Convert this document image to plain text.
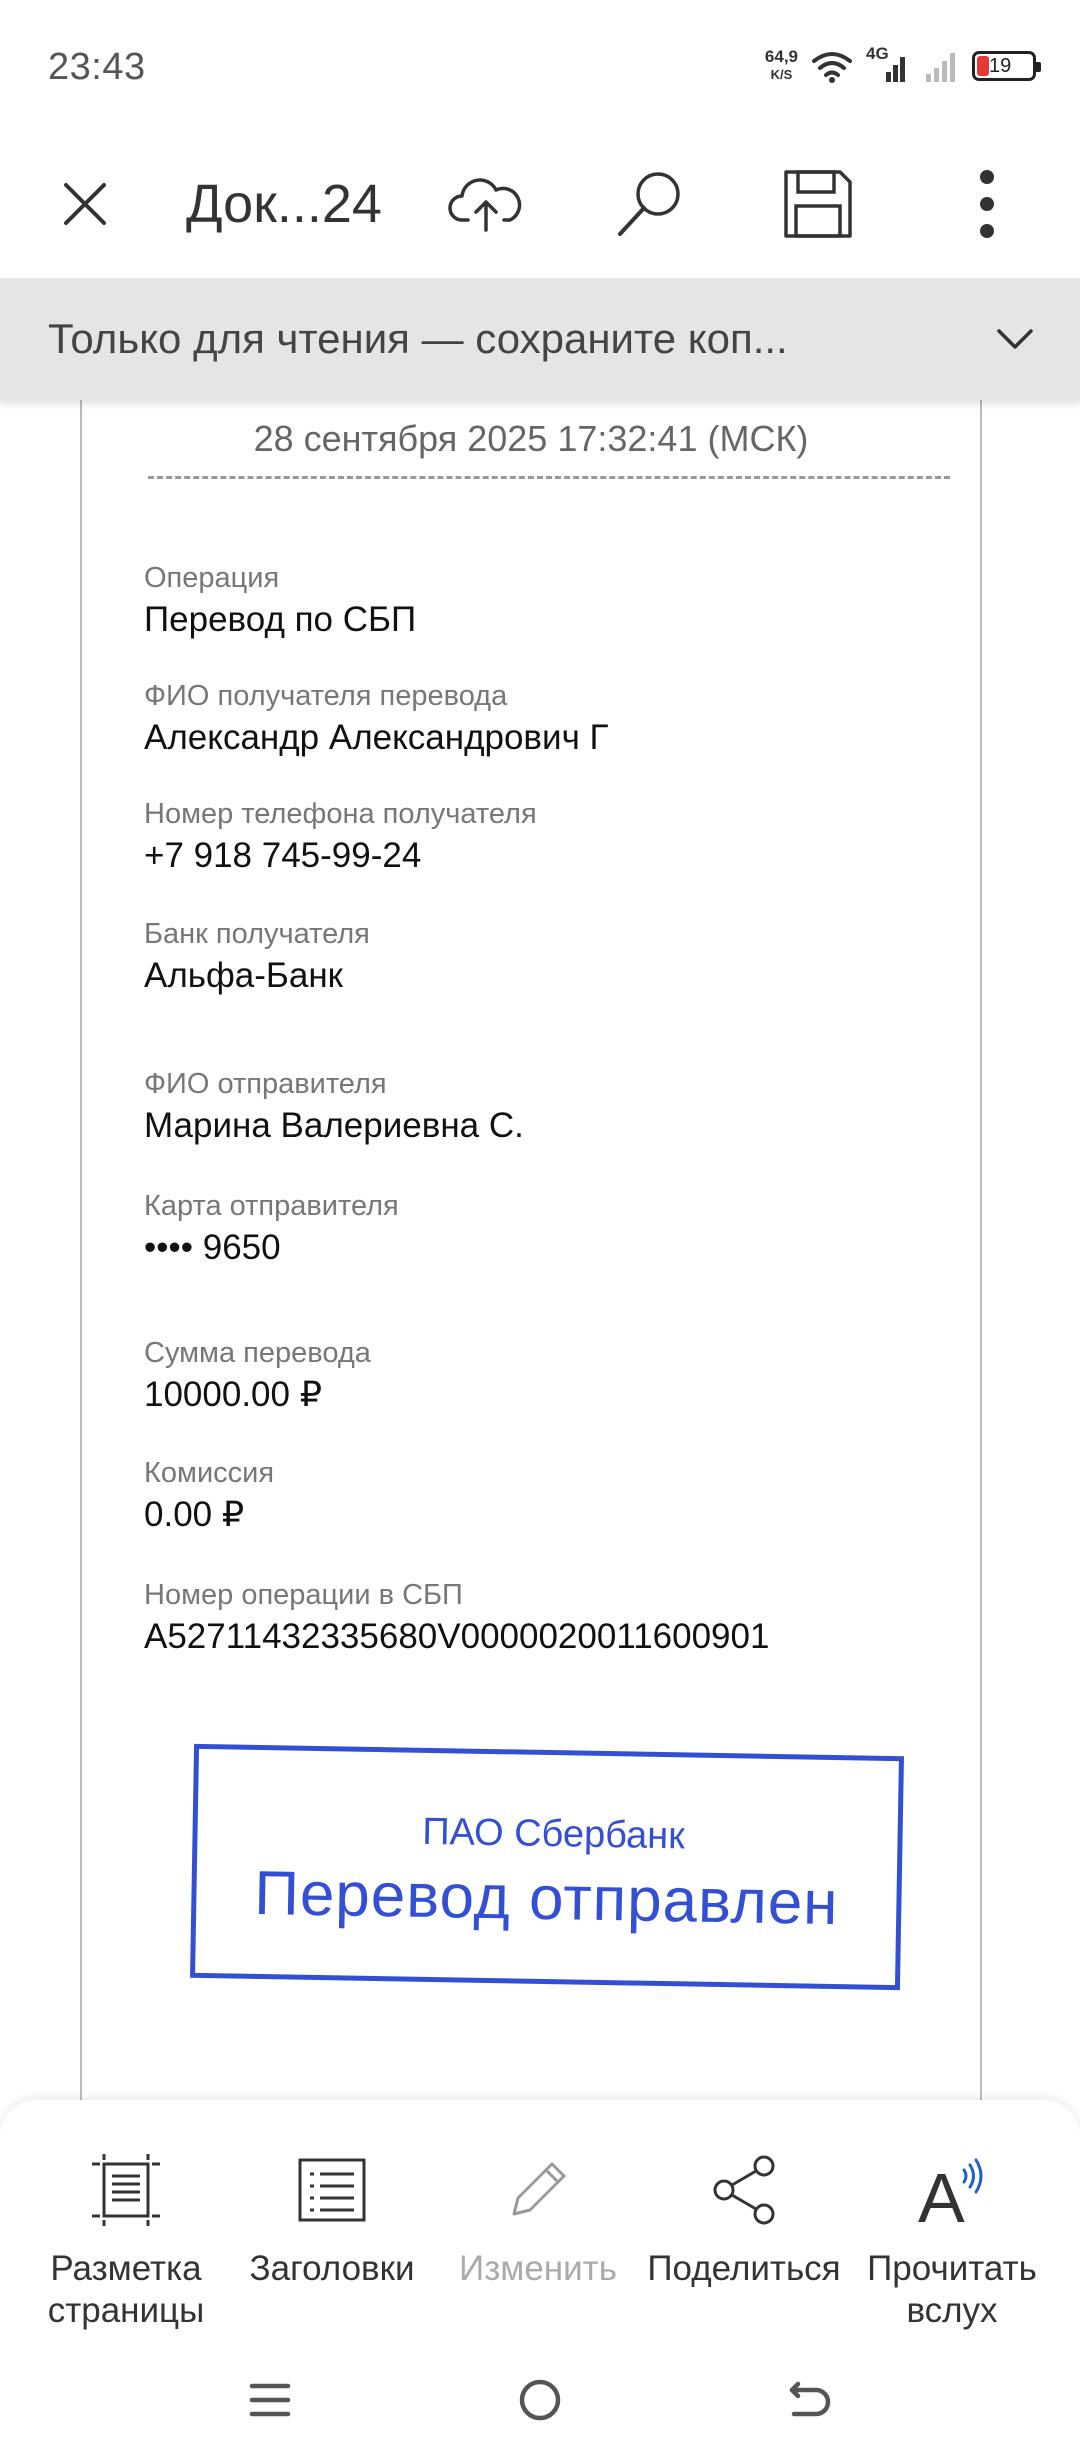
23:43	64,9
K/S
4G
19
Док...24
Только для чтения — сохраните коп...
28 сентября 2025 17:32:41 (МСК)
Операция
Перевод по СБП
ФИО получателя перевода
Александр Александрович Г
Номер телефона получателя
+7 918 745-99-24
Банк получателя
Альфа-Банк
ФИО отправителя
Марина Валериевна С.
Карта отправителя
•••• 9650
Сумма перевода
10000.00 ₽
Комиссия
0.00 ₽
Номер операции в СБП
A52711432335680V0000020011600901
ПАО Сбербанк
Перевод отправлен
Разметка страницы
Заголовки	Изменить Поделиться
A
Прочитать вслух
